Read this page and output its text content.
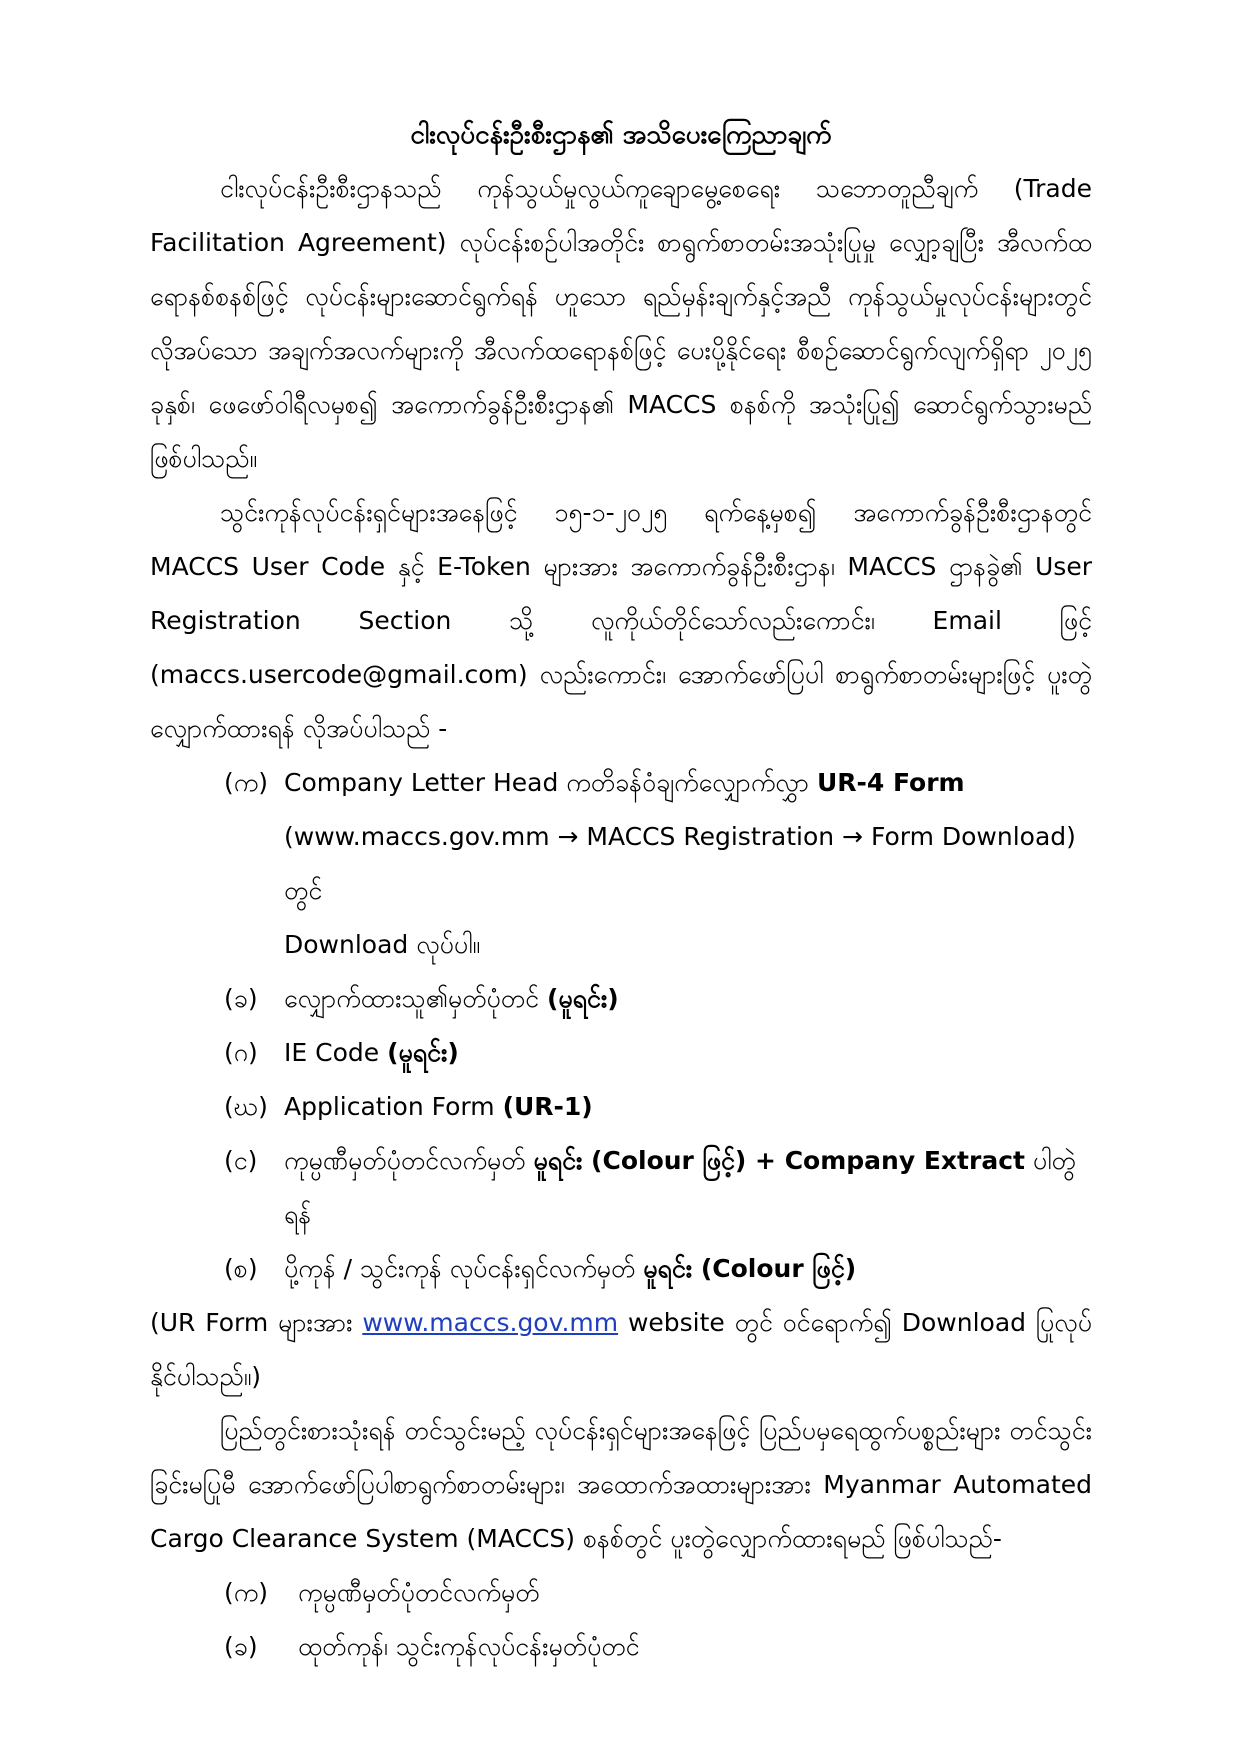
ငါးလုပ်ငန်းဦးစီးဌာန၏ အသိပေးကြေညာချက်

ငါးလုပ်ငန်းဦးစီးဌာနသည် ကုန်သွယ်မှုလွယ်ကူချောမွေ့စေရေး သဘောတူညီချက် (Trade Facilitation Agreement) လုပ်ငန်းစဥ်ပါအတိုင်း စာရွက်စာတမ်းအသုံးပြုမှု လျှော့ချပြီး အီလက်ထရောနစ်စနစ်ဖြင့် လုပ်ငန်းများဆောင်ရွက်ရန် ဟူသော ရည်မှန်းချက်နှင့်အညီ ကုန်သွယ်မှုလုပ်ငန်းများတွင် လိုအပ်သော အချက်အလက်များကို အီလက်ထရောနစ်ဖြင့် ပေးပို့နိုင်ရေး စီစဥ်ဆောင်ရွက်လျက်ရှိရာ ၂၀၂၅ ခုနှစ်၊ ဖေဖော်ဝါရီလမှစ၍ အကောက်ခွန်ဦးစီးဌာန၏ MACCS စနစ်ကို အသုံးပြု၍ ဆောင်ရွက်သွားမည် ဖြစ်ပါသည်။

သွင်းကုန်လုပ်ငန်းရှင်များအနေဖြင့် ၁၅-၁-၂၀၂၅ ရက်နေ့မှစ၍ အကောက်ခွန်ဦးစီးဌာနတွင် MACCS User Code နှင့် E-Token များအား အကောက်ခွန်ဦးစီးဌာန၊ MACCS ဌာနခွဲ၏ User Registration Section သို့ လူကိုယ်တိုင်သော်လည်းကောင်း၊ Email ဖြင့် (maccs.usercode@gmail.com) လည်းကောင်း၊ အောက်ဖော်ပြပါ စာရွက်စာတမ်းများဖြင့် ပူးတွဲလျှောက်ထားရန် လိုအပ်ပါသည် -

(က) Company Letter Head ကတိခန်ဝံချက်လျှောက်လွှာ UR-4 Form

(www.maccs.gov.mm → MACCS Registration → Form Download) တွင်

Download လုပ်ပါ။

(ခ)	လျှောက်ထားသူ၏မှတ်ပုံတင် (မူရင်း)
(ဂ)	IE Code (မူရင်း)
(ဃ) Application Form (UR-1)
(င)	ကုမ္ပဏီမှတ်ပုံတင်လက်မှတ် မူရင်း (Colour ဖြင့်) + Company Extract ပါတွဲရန်
(စ)	ပို့ကုန် / သွင်းကုန် လုပ်ငန်းရှင်လက်မှတ် မူရင်း (Colour ဖြင့်)

(UR Form များအား www.maccs.gov.mm website တွင် ဝင်ရောက်၍ Download ပြုလုပ်နိုင်ပါသည်။)

ပြည်တွင်းစားသုံးရန် တင်သွင်းမည့် လုပ်ငန်းရှင်များအနေဖြင့် ပြည်ပမှရေထွက်ပစ္စည်းများ တင်သွင်းခြင်းမပြုမီ အောက်ဖော်ပြပါစာရွက်စာတမ်းများ၊ အထောက်အထားများအား Myanmar Automated Cargo Clearance System (MACCS) စနစ်တွင် ပူးတွဲလျှောက်ထားရမည် ဖြစ်ပါသည်-

(က)	ကုမ္ပဏီမှတ်ပုံတင်လက်မှတ်
(ခ)	ထုတ်ကုန်၊ သွင်းကုန်လုပ်ငန်းမှတ်ပုံတင်
